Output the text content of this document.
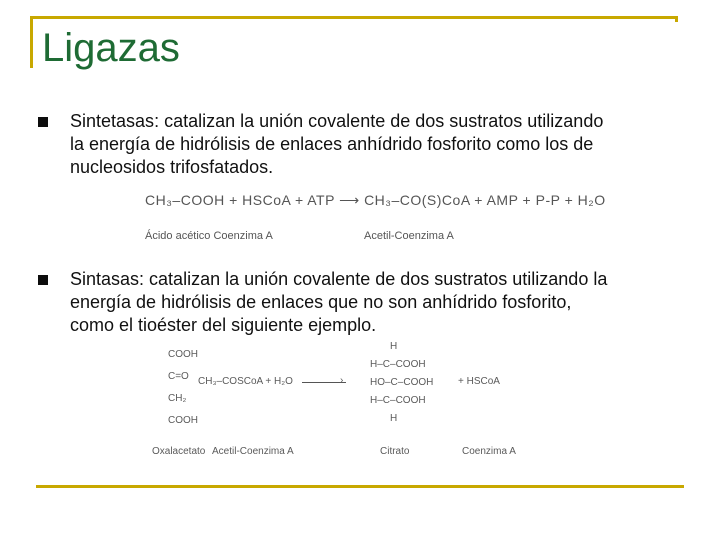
Ligazas
Sintetasas: catalizan la unión covalente de dos sustratos utilizando
la energía de hidrólisis de enlaces anhídrido fosforito como los de
nucleosidos trifosfatados.
CH₃–COOH + HSCoA + ATP ⟶ CH₃–CO(S)CoA + AMP + P-P + H₂O
Ácido acético Coenzima A	Acetil-Coenzima A
Sintasas: catalizan la unión covalente de dos sustratos utilizando la
energía de hidrólisis de enlaces que no son anhídrido fosforito,
como el tioéster del siguiente ejemplo.
COOH
C=O
CH₂
COOH
CH₃–COSCoA + H₂O	›
H
H–C–COOH
HO–C–COOH
H–C–COOH
H
+ HSCoA
Oxalacetato Acetil-Coenzima A	Citrato	Coenzima A
